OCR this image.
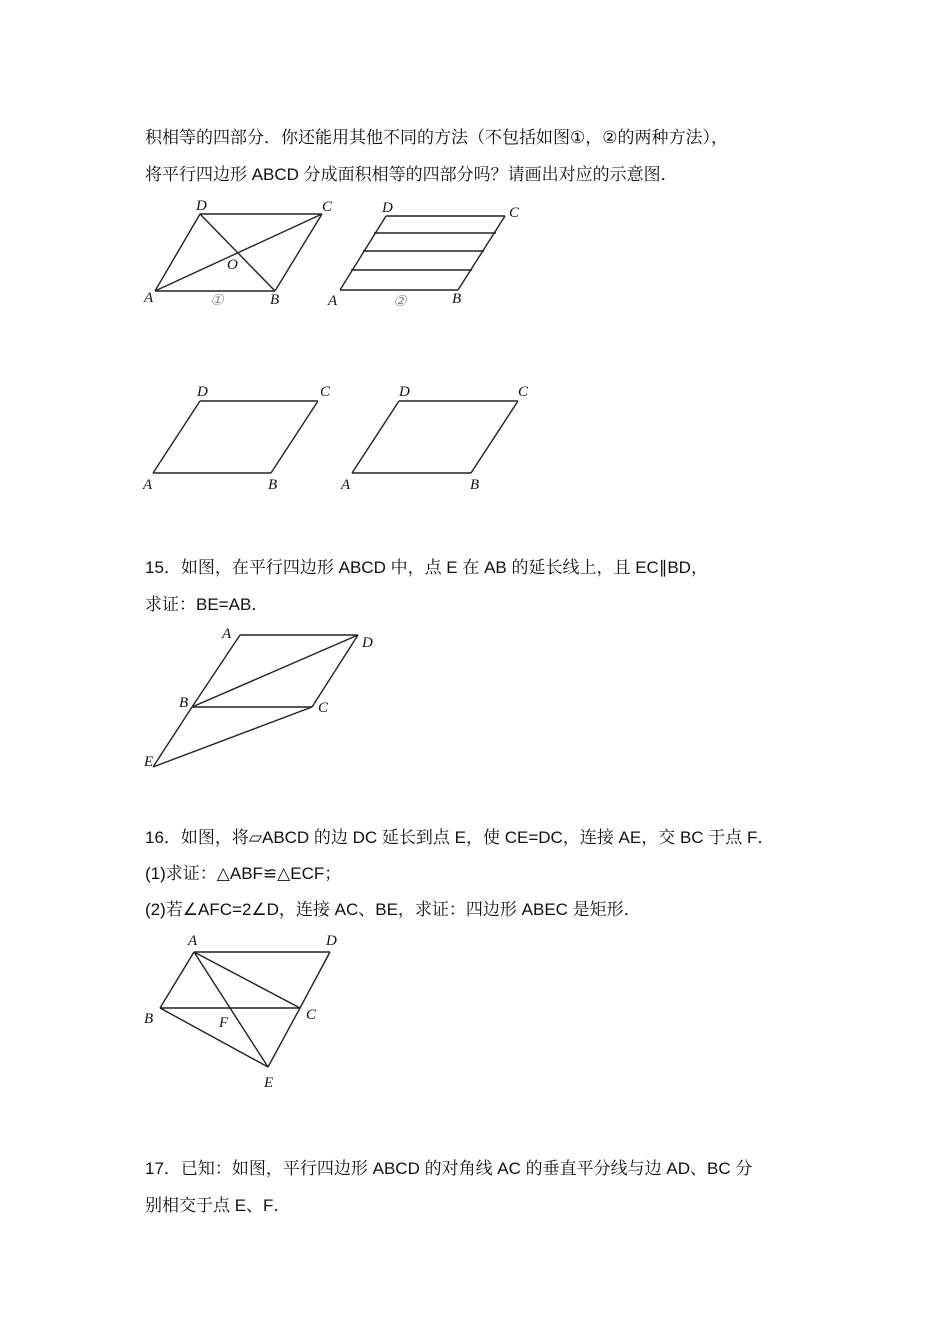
积相等的四部分．你还能用其他不同的方法（不包括如图①，②的两种方法），
将平行四边形 ABCD 分成面积相等的四部分吗？请画出对应的示意图．
A	B
C
D
O
①	A	B
C
D
②
A	B
C
D
A	B
C
D
15．如图，在平行四边形 ABCD 中，点 E 在 AB 的延长线上，且 EC∥BD，
求证：BE=AB．
A
B	C
D
E
16．如图，将▱ABCD 的边 DC 延长到点 E，使 CE=DC，连接 AE，交 BC 于点 F．
(1)求证：△ABF≌△ECF；
(2)若∠AFC=2∠D，连接 AC、BE，求证：四边形 ABEC 是矩形．
A
B	C
D
E
F
17．已知：如图，平行四边形 ABCD 的对角线 AC 的垂直平分线与边 AD、BC 分
别相交于点 E、F．
